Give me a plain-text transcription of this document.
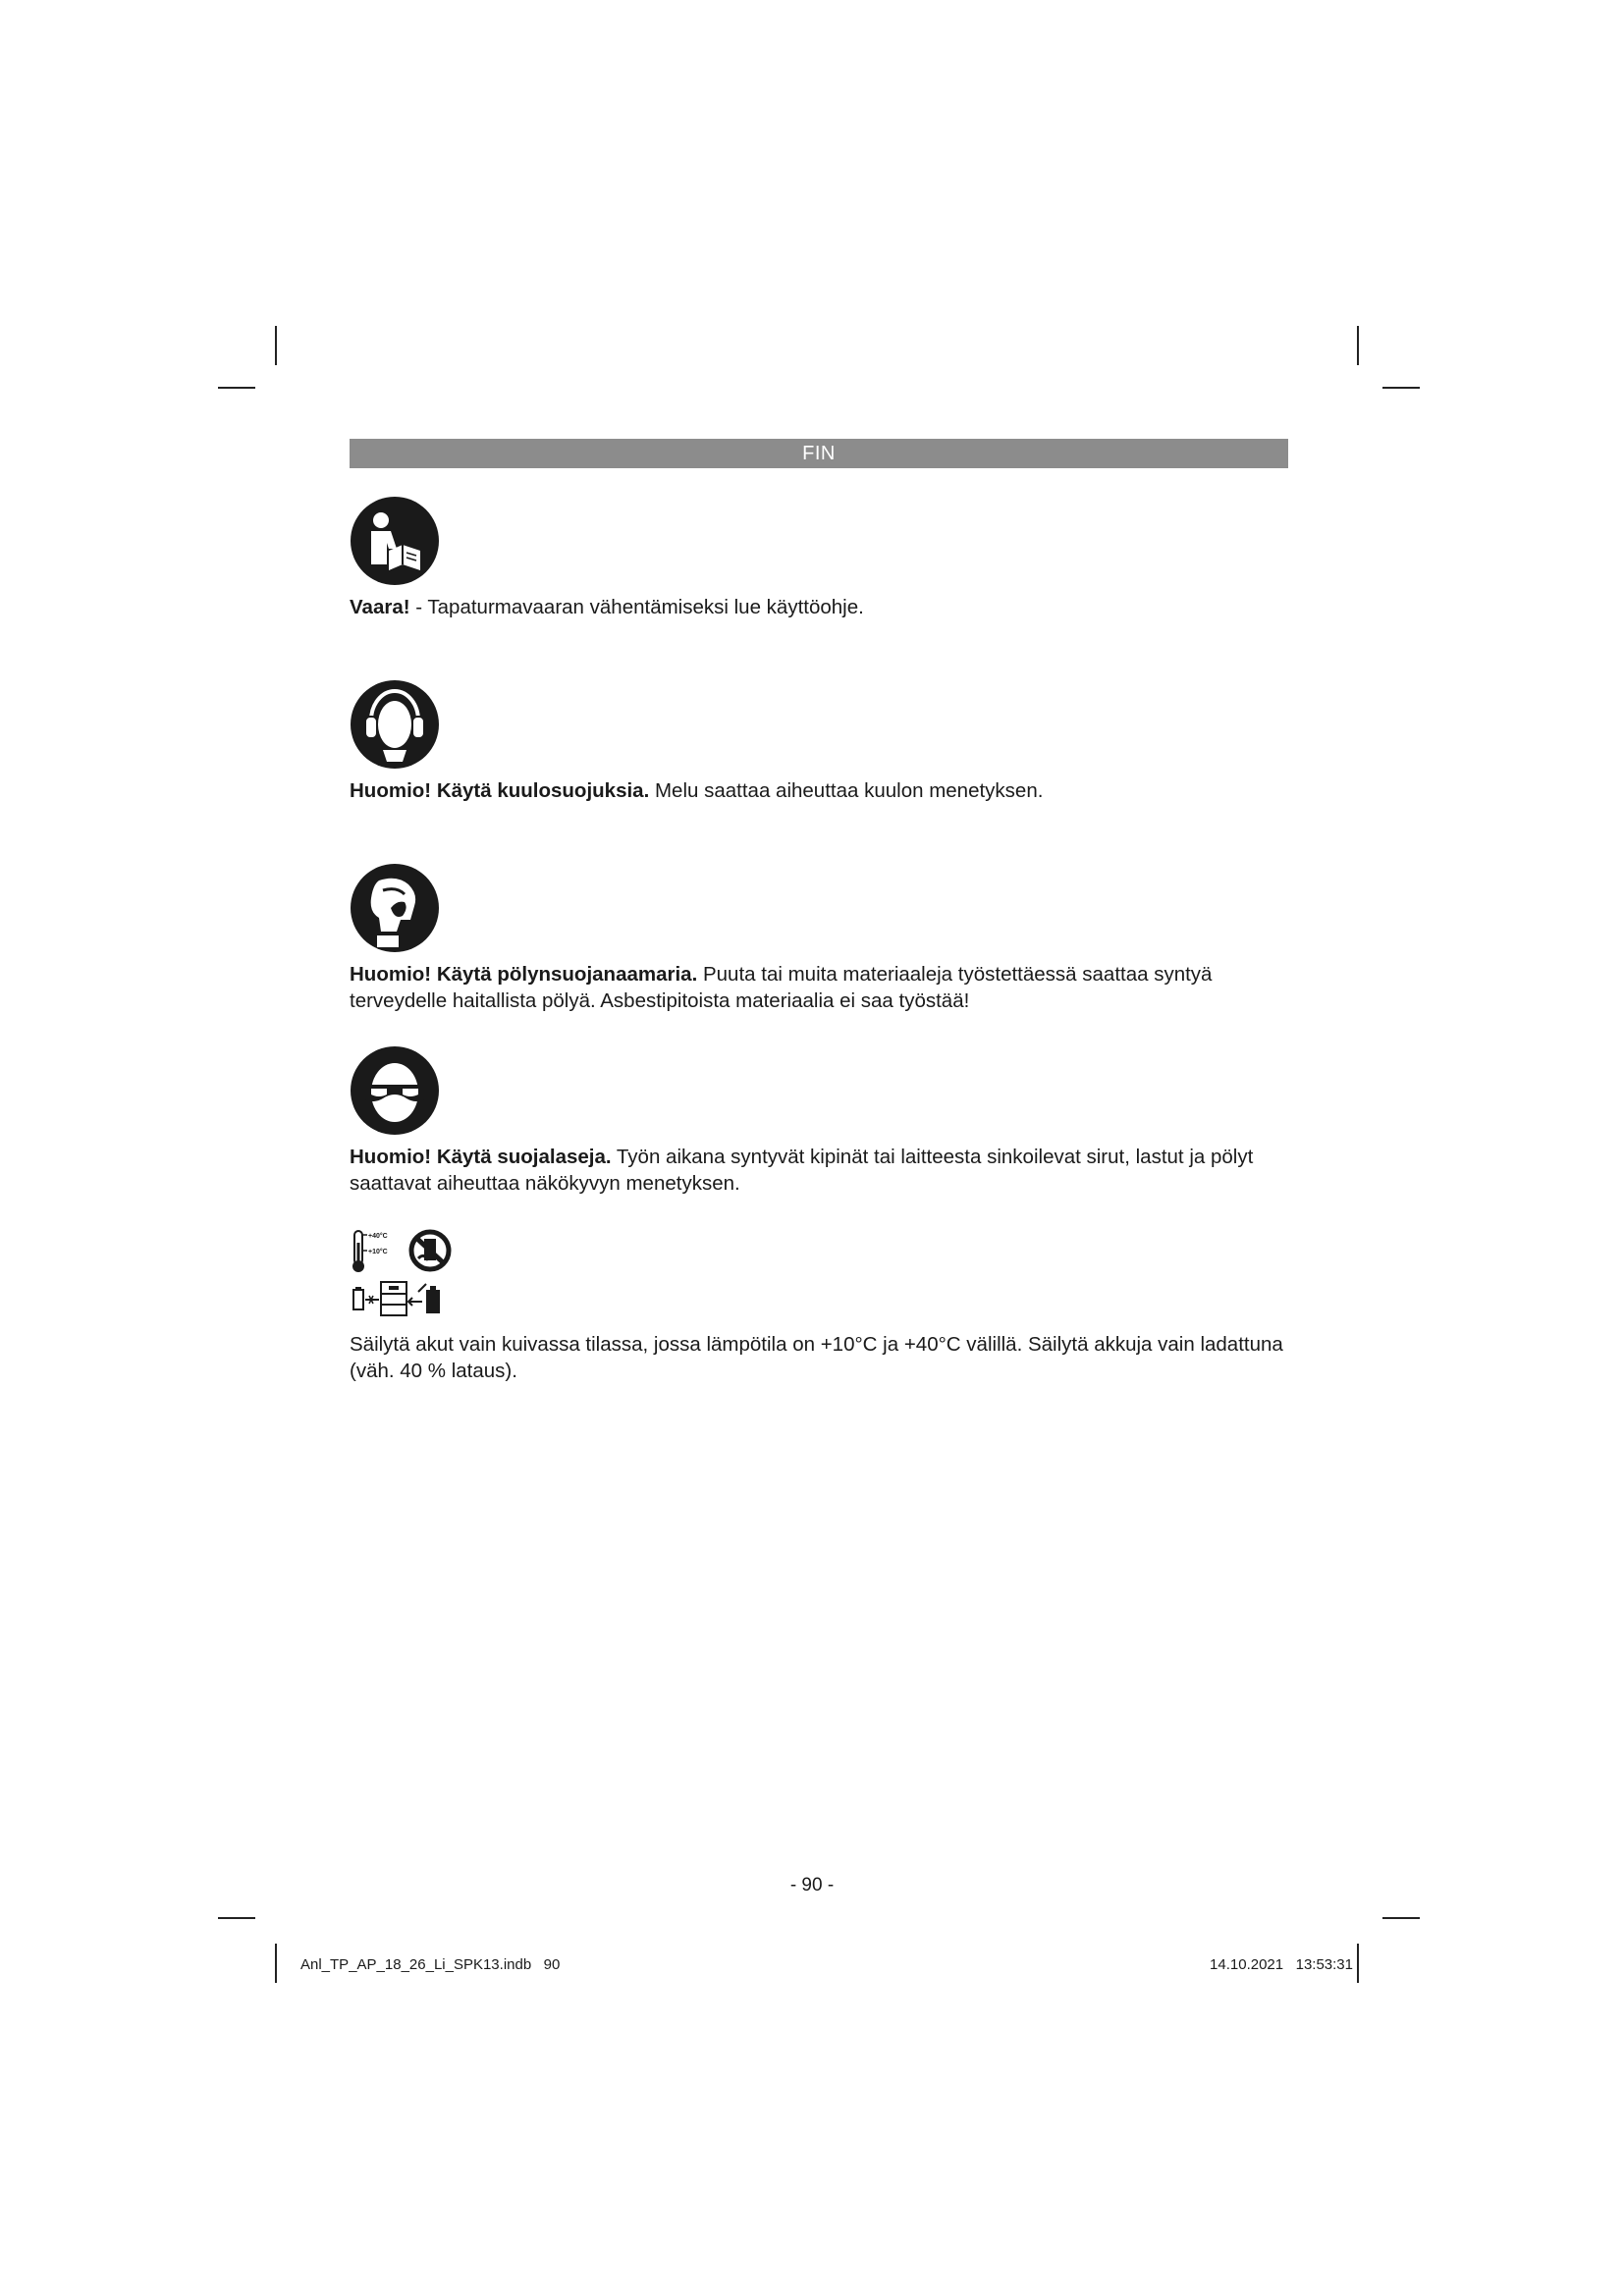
FIN
Vaara! - Tapaturmavaaran vähentämiseksi lue käyttöohje.
Huomio! Käytä kuulosuojuksia. Melu saattaa aiheuttaa kuulon menetyksen.
Huomio! Käytä pölynsuojanaamaria. Puuta tai muita materiaaleja työstettäessä saattaa syntyä terveydelle haitallista pölyä. Asbestipitoista materiaalia ei saa työstää!
Huomio! Käytä suojalaseja. Työn aikana syntyvät kipinät tai laitteesta sinkoilevat sirut, lastut ja pölyt saattavat aiheuttaa näkökyvyn menetyksen.
+40°C
+10°C
Säilytä akut vain kuivassa tilassa, jossa lämpötila on +10°C ja +40°C välillä. Säilytä akkuja vain ladattuna (väh. 40 % lataus).
- 90 -
Anl_TP_AP_18_26_Li_SPK13.indb   90	14.10.2021   13:53:31
